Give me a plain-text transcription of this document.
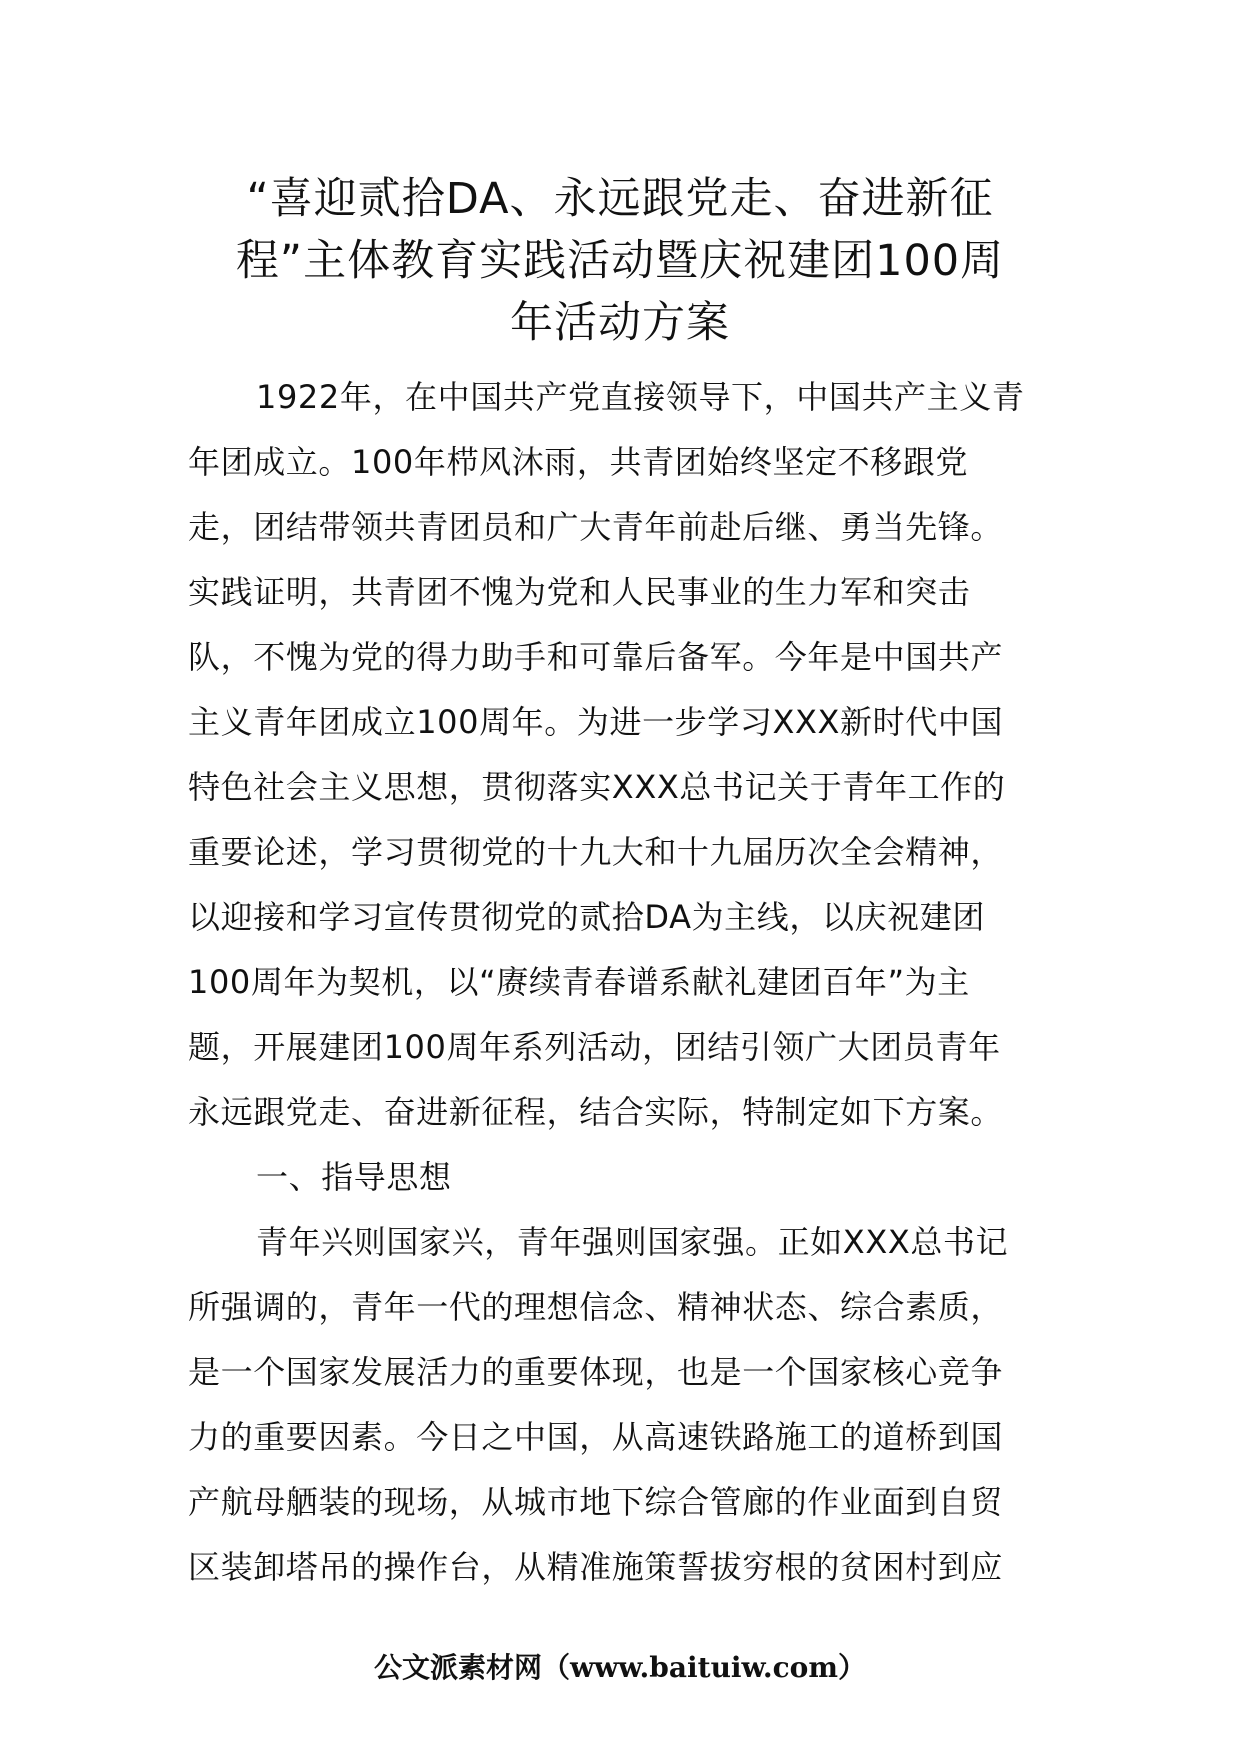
“喜迎贰拾DA、永远跟党走、奋进新征
程”主体教育实践活动暨庆祝建团100周
年活动方案
1922年，在中国共产党直接领导下，中国共产主义青
年团成立。100年栉风沐雨，共青团始终坚定不移跟党
走，团结带领共青团员和广大青年前赴后继、勇当先锋。
实践证明，共青团不愧为党和人民事业的生力军和突击
队，不愧为党的得力助手和可靠后备军。今年是中国共产
主义青年团成立100周年。为进一步学习XXX新时代中国
特色社会主义思想，贯彻落实XXX总书记关于青年工作的
重要论述，学习贯彻党的十九大和十九届历次全会精神，
以迎接和学习宣传贯彻党的贰拾DA为主线，以庆祝建团
100周年为契机，以“赓续青春谱系献礼建团百年”为主
题，开展建团100周年系列活动，团结引领广大团员青年
永远跟党走、奋进新征程，结合实际，特制定如下方案。
一、指导思想
青年兴则国家兴，青年强则国家强。正如XXX总书记
所强调的，青年一代的理想信念、精神状态、综合素质，
是一个国家发展活力的重要体现，也是一个国家核心竞争
力的重要因素。今日之中国，从高速铁路施工的道桥到国
产航母舾装的现场，从城市地下综合管廊的作业面到自贸
区装卸塔吊的操作台，从精准施策誓拔穷根的贫困村到应
公文派素材网（www.baituiw.com）
